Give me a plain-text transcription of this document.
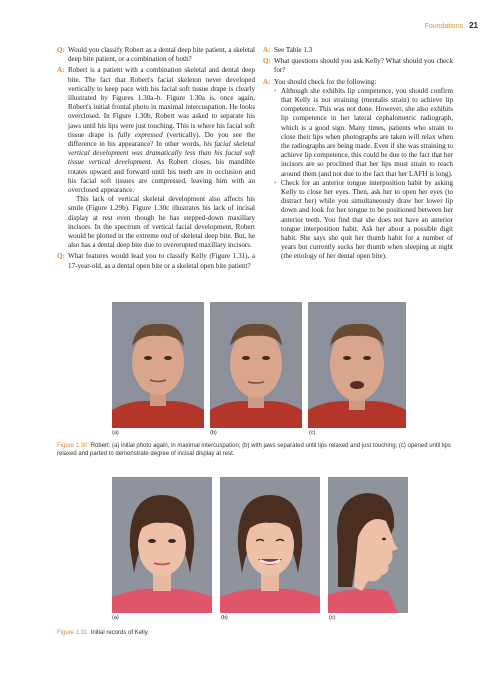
Foundations 21
Q: Would you classify Robert as a dental deep bite patient, a skeletal deep bite patient, or a combination of both?
A: Robert is a patient with a combination skeletal and dental deep bite. The fact that Robert's facial skeleton never developed vertically to keep pace with his facial soft tissue drape is clearly illustrated by Figures 1.30a–b. Figure 1.30a is, once again, Robert's initial frontal photo in maximal intercuspation. He looks overclosed. In Figure 1.30b, Robert was asked to separate his jaws until his lips were just touching. This is where his facial soft tissue drape is fully expressed (vertically). Do you see the difference in his appearance? In other words, his facial skeletal vertical development was dramatically less than his facial soft tissue vertical development. As Robert closes, his mandible rotates upward and forward until his teeth are in occlusion and his facial soft tissues are compressed, leaving him with an overclosed appearance.

This lack of vertical skeletal development also affects his smile (Figure 1.29b). Figure 1.30c illustrates his lack of incisal display at rest even though he has stepped-down maxillary incisors. In the spectrum of vertical facial development, Robert would be plotted in the extreme end of skeletal deep bite. But, he also has a dental deep bite due to overerupted maxillary incisors.

Q: What features would lead you to classify Kelly (Figure 1.31), a 17-year-old, as a dental open bite or a skeletal open bite patient?
A: See Table 1.3
Q: What questions should you ask Kelly? What should you check for?
A: You should check for the following:

• Although she exhibits lip competence, you should confirm that Kelly is not straining (mentalis strain) to achieve lip competence. This was not done. However, she also exhibits lip competence in her lateral cephalometric radiograph, which is a good sign. Many times, patients who strain to close their lips when photographs are taken will relax when the radiographs are being made. Even if she was straining to achieve lip competence, this could be due to the fact that her incisors are so proclined that her lips must strain to reach around them (and not due to the fact that her LAFH is long).
• Check for an anterior tongue interposition habit by asking Kelly to close her eyes. Then, ask her to open her eyes (to distract her) while you simultaneously draw her lower lip down and look for her tongue to be positioned between her anterior teeth. You find that she does not have an anterior tongue interposition habit. Ask her about a possible digit habit. She says she quit her thumb habit for a number of years but currently sucks her thumb when sleeping at night (the etiology of her dental open bite).
(a)	(b)	(c)
Figure 1.30 Robert: (a) initial photo again, in maximal intercuspation; (b) with jaws separated until lips relaxed and just touching; (c) opened until lips relaxed and parted to demonstrate degree of incisal display at rest.
(a)	(b)	(c)
Figure 1.31 Initial records of Kelly.
